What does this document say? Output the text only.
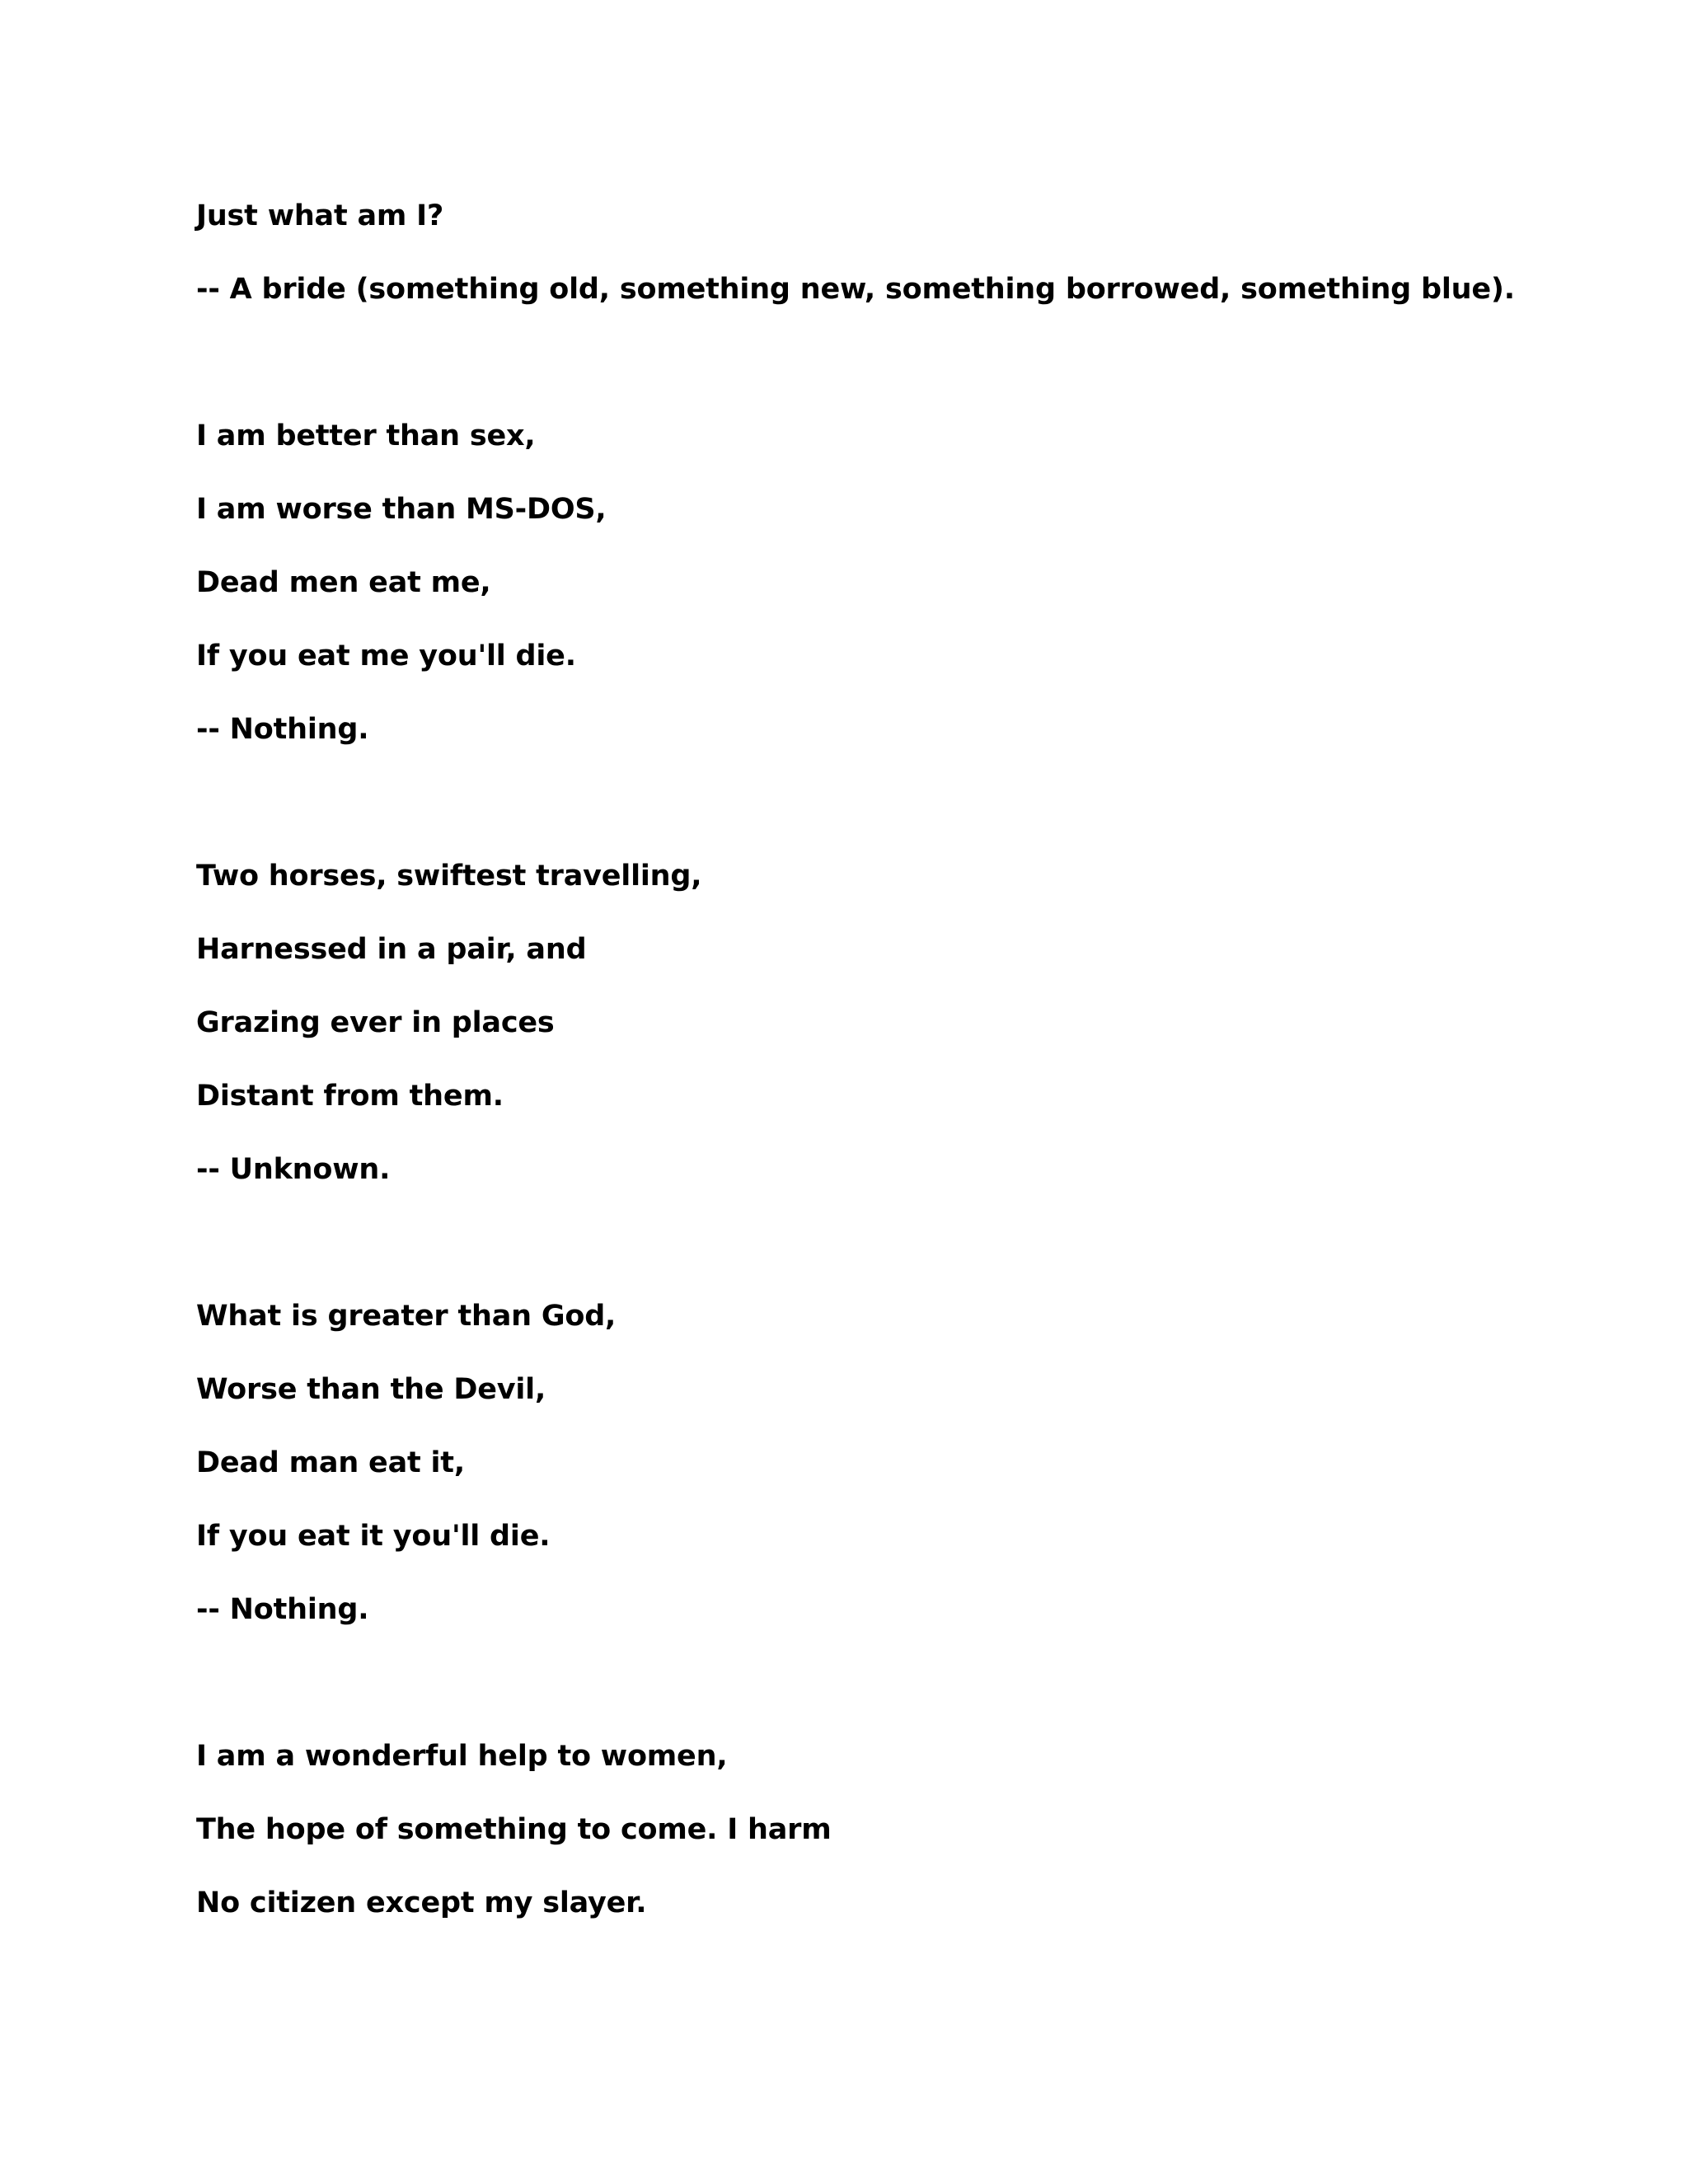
Just what am I?

-- A bride (something old, something new, something borrowed, something blue).

I am better than sex,

I am worse than MS-DOS,

Dead men eat me,

If you eat me you'll die.

-- Nothing.

Two horses, swiftest travelling,

Harnessed in a pair, and

Grazing ever in places

Distant from them.

-- Unknown.

What is greater than God,

Worse than the Devil,

Dead man eat it,

If you eat it you'll die.

-- Nothing.

I am a wonderful help to women,

The hope of something to come. I harm

No citizen except my slayer.
